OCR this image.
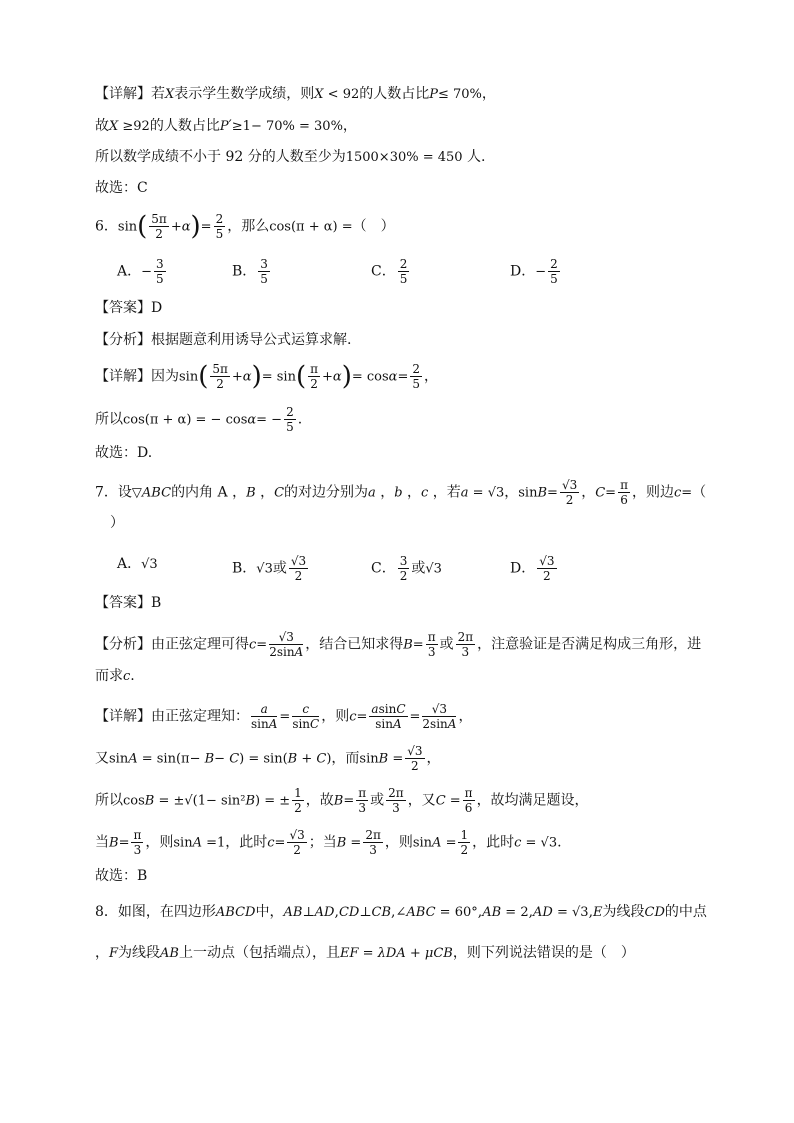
【详解】若X表示学生数学成绩，则X < 92的人数占比P≤ 70%，
故X ≥92的人数占比P′≥1− 70% = 30%，
所以数学成绩不小于 92 分的人数至少为1500×30% = 450 人.
故选：C
6．$\sin( \frac{5\pi}{2} +\alpha)= \frac{2}{5}$ ，那么cos(π + α) =（　）
A．− $\frac{3}{5}$	B． $\frac{3}{5}$	C． $\frac{2}{5}$	D．− $\frac{2}{5}$
【答案】D
【分析】根据题意利用诱导公式运算求解.
【详解】因为$\sin( \frac{5\pi}{2} +\alpha)= \sin( \frac{\pi}{2} +\alpha)= \cos\alpha= \frac{2}{5}$ ，
所以cos(π + α) = − $\cos\alpha= - \frac{2}{5}$ .
故选：D.
7．设▽ABC的内角 A ，B ，C的对边分别为a ，b ，c ，若a = √3，$\sin B= \frac{√3}{2}$ ，$C= \frac{\pi}{6}$ ，则边c=（
）
A．√3	B．√3或 $\frac{√3}{2}$	C． $\frac{3}{2}$ 或√3	D． $\frac{√3}{2}$
【答案】B
【分析】由正弦定理可得$c= \frac{√3}{2\sin A}$ ，结合已知求得$B= \frac{\pi}{3}$ 或 $\frac{2\pi}{3}$ ，注意验证是否满足构成三角形，进
而求c.
【详解】由正弦定理知： $\frac{a}{\sin A} = \frac{c}{\sin C}$ ，则$c= \frac{asinC}{\sin A} = \frac{√3}{2\sin A}$ ，
又sinA = sin(π− B− C) = sin(B + C)，而$\sin B = \frac{√3}{2}$ ，
所以cosB = ±√(1− sin²B) = ± $\frac{1}{2}$ ，故$B= \frac{\pi}{3}$ 或 $\frac{2\pi}{3}$ ，又$C = \frac{\pi}{6}$ ，故均满足题设，
当$B= \frac{\pi}{3}$ ，则sinA =1，此时$c= \frac{√3}{2}$ ；当$B = \frac{2\pi}{3}$ ，则$\sin A = \frac{1}{2}$ ，此时c = √3.
故选：B
8．如图，在四边形ABCD中，AB⊥AD,CD⊥CB,∠ABC = 60°,AB = 2,AD = √3,E为线段CD的中点
，F为线段AB上一动点（包括端点），且EF = λDA + μCB，则下列说法错误的是（　）
